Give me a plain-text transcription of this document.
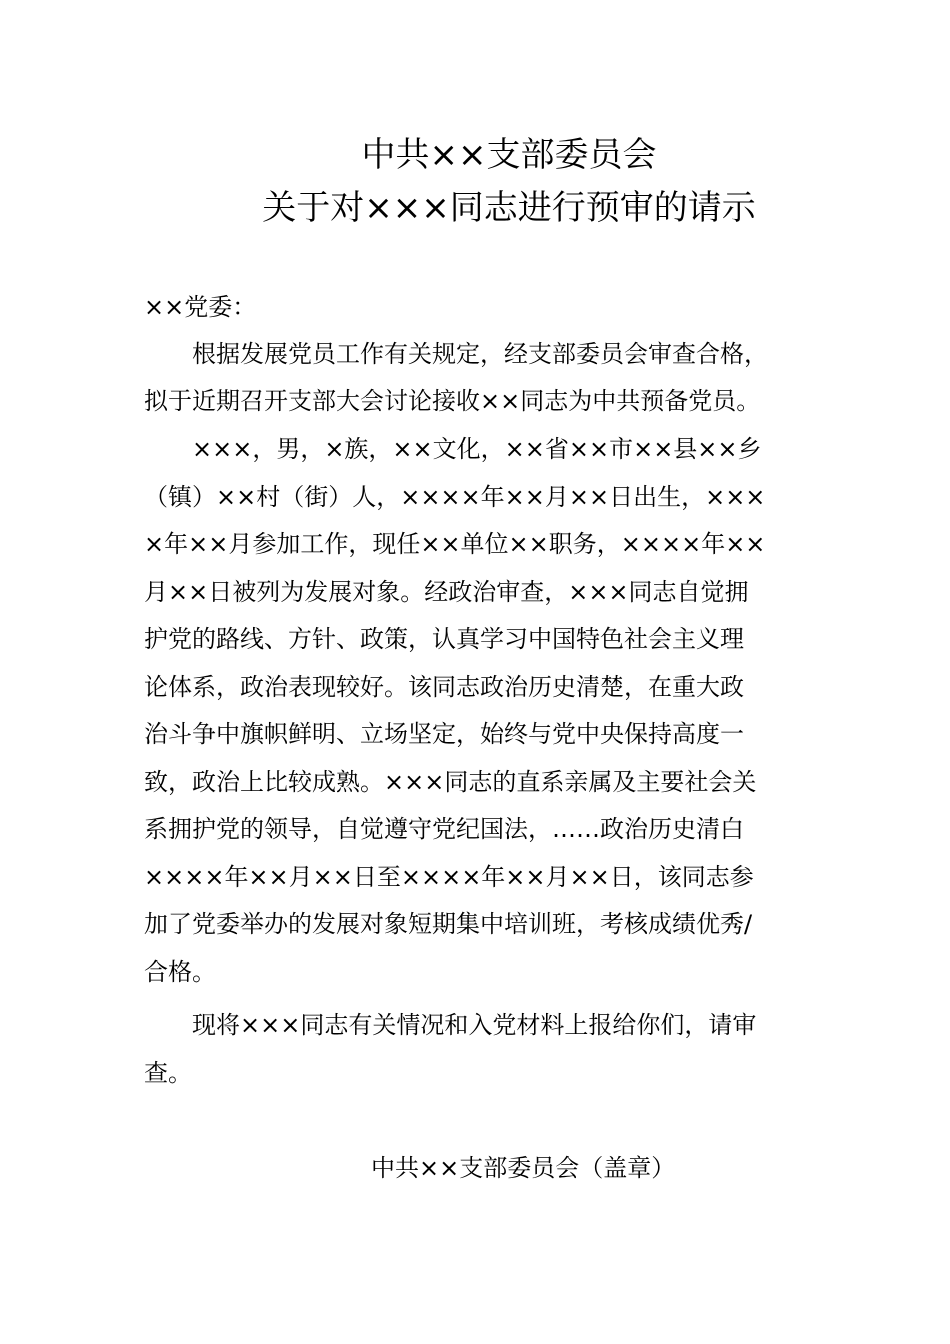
中共××支部委员会
关于对×××同志进行预审的请示

××党委：

根据发展党员工作有关规定，经支部委员会审查合格，

拟于近期召开支部大会讨论接收××同志为中共预备党员。

×××，男，×族，××文化，××省××市××县××乡
（镇）××村（街）人，××××年××月××日出生，×××
×年××月参加工作，现任××单位××职务，××××年××
月××日被列为发展对象。经政治审查，×××同志自觉拥
护党的路线、方针、政策，认真学习中国特色社会主义理
论体系，政治表现较好。该同志政治历史清楚，在重大政
治斗争中旗帜鲜明、立场坚定，始终与党中央保持高度一
致，政治上比较成熟。×××同志的直系亲属及主要社会关
系拥护党的领导，自觉遵守党纪国法，……政治历史清白
××××年××月××日至××××年××月××日，该同志参
加了党委举办的发展对象短期集中培训班，考核成绩优秀/
合格。

现将×××同志有关情况和入党材料上报给你们，请审

查。

中共××支部委员会（盖章）
